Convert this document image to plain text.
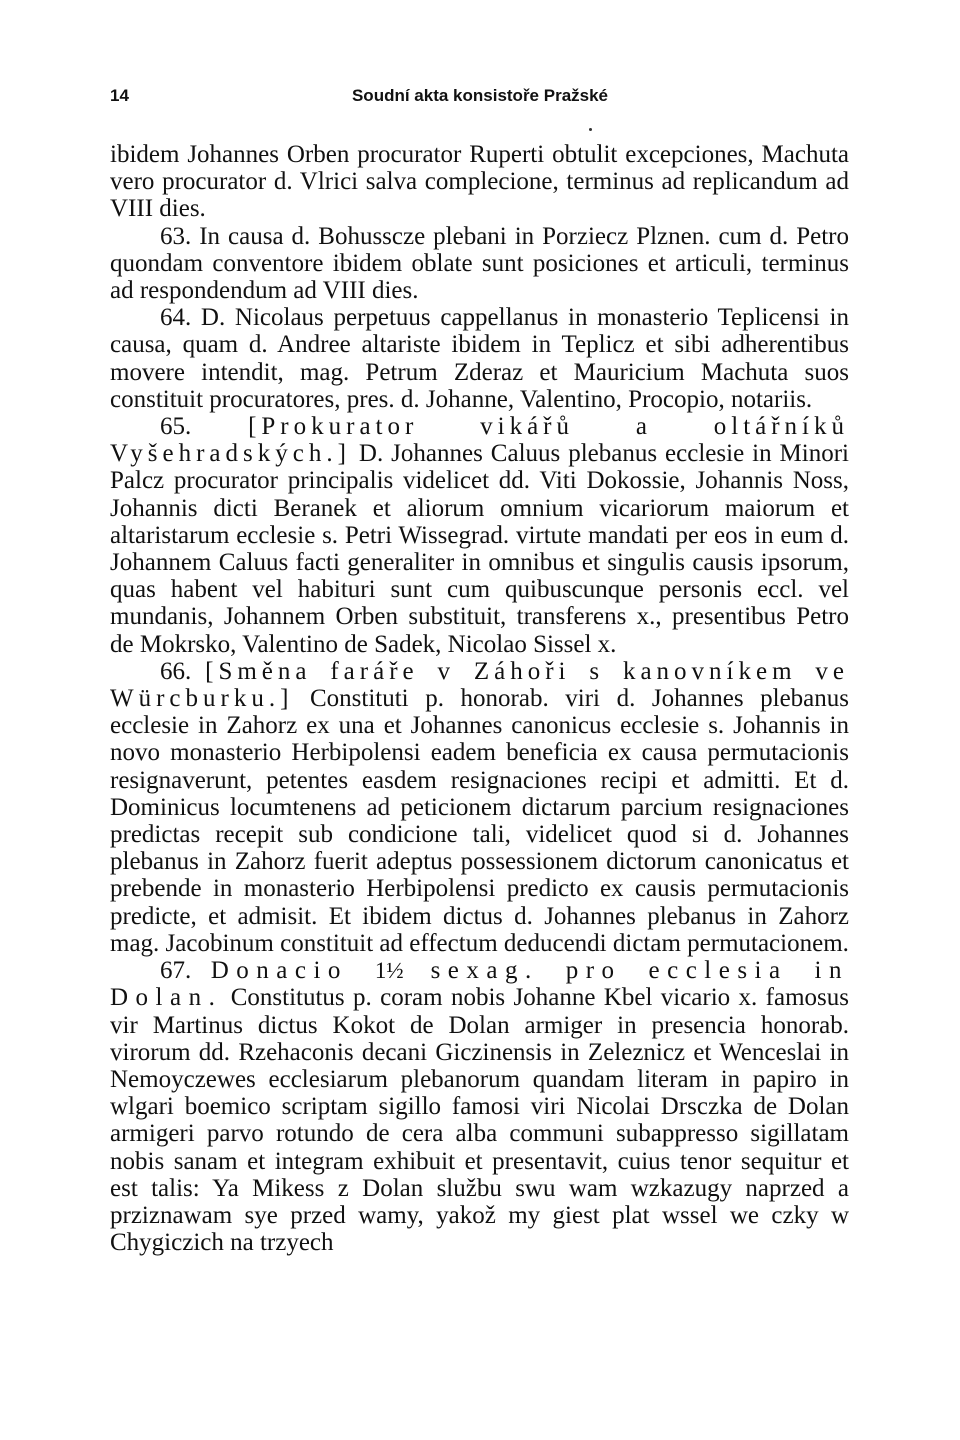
14	Soudní akta konsistoře Pražské

ibidem Johannes Orben procurator Ruperti obtulit excepciones, Machuta vero procurator d. Vlrici salva complecione, terminus ad replicandum ad VIII dies.

63. In causa d. Bohusscze plebani in Porziecz Plznen. cum d. Petro quondam conventore ibidem oblate sunt posiciones et articuli, terminus ad respondendum ad VIII dies.

64. D. Nicolaus perpetuus cappellanus in monasterio Teplicensi in causa, quam d. Andree altariste ibidem in Teplicz et sibi adherentibus movere intendit, mag. Petrum Zderaz et Mauricium Machuta suos constituit procuratores, pres. d. Johanne, Valentino, Procopio, notariis.

65. [Prokurator vikářů a oltářníků Vyšehradských.] D. Johannes Caluus plebanus ecclesie in Minori Palcz procurator principalis videlicet dd. Viti Dokossie, Johannis Noss, Johannis dicti Beranek et aliorum omnium vicariorum maiorum et altaristarum ecclesie s. Petri Wissegrad. virtute mandati per eos in eum d. Johannem Caluus facti generaliter in omnibus et singulis causis ipsorum, quas habent vel habituri sunt cum quibuscunque personis eccl. vel mundanis, Johannem Orben substituit, transferens x., presentibus Petro de Mokrsko, Valentino de Sadek, Nicolao Sissel x.

66. [Směna faráře v Záhoři s kanovníkem ve Würcburku.] Constituti p. honorab. viri d. Johannes plebanus ecclesie in Zahorz ex una et Johannes canonicus ecclesie s. Johannis in novo monasterio Herbipolensi eadem beneficia ex causa permutacionis resignaverunt, petentes easdem resignaciones recipi et admitti. Et d. Dominicus locumtenens ad peticionem dictarum parcium resignaciones predictas recepit sub condicione tali, videlicet quod si d. Johannes plebanus in Zahorz fuerit adeptus possessionem dictorum canonicatus et prebende in monasterio Herbipolensi predicto ex causis permutacionis predicte, et admisit. Et ibidem dictus d. Johannes plebanus in Zahorz mag. Jacobinum constituit ad effectum deducendi dictam permutacionem.

67. Donacio 1½ sexag. pro ecclesia in Dolan. Constitutus p. coram nobis Johanne Kbel vicario x. famosus vir Martinus dictus Kokot de Dolan armiger in presencia honorab. virorum dd. Rzehaconis decani Giczinensis in Zeleznicz et Wenceslai in Nemoyczewes ecclesiarum plebanorum quandam literam in papiro in wlgari boemico scriptam sigillo famosi viri Nicolai Drsczka de Dolan armigeri parvo rotundo de cera alba communi subappresso sigillatam nobis sanam et integram exhibuit et presentavit, cuius tenor sequitur et est talis: Ya Mikess z Dolan službu swu wam wzkazugy naprzed a prziznawam sye przed wamy, yakož my giest plat wssel we czky w Chygiczich na trzyech
